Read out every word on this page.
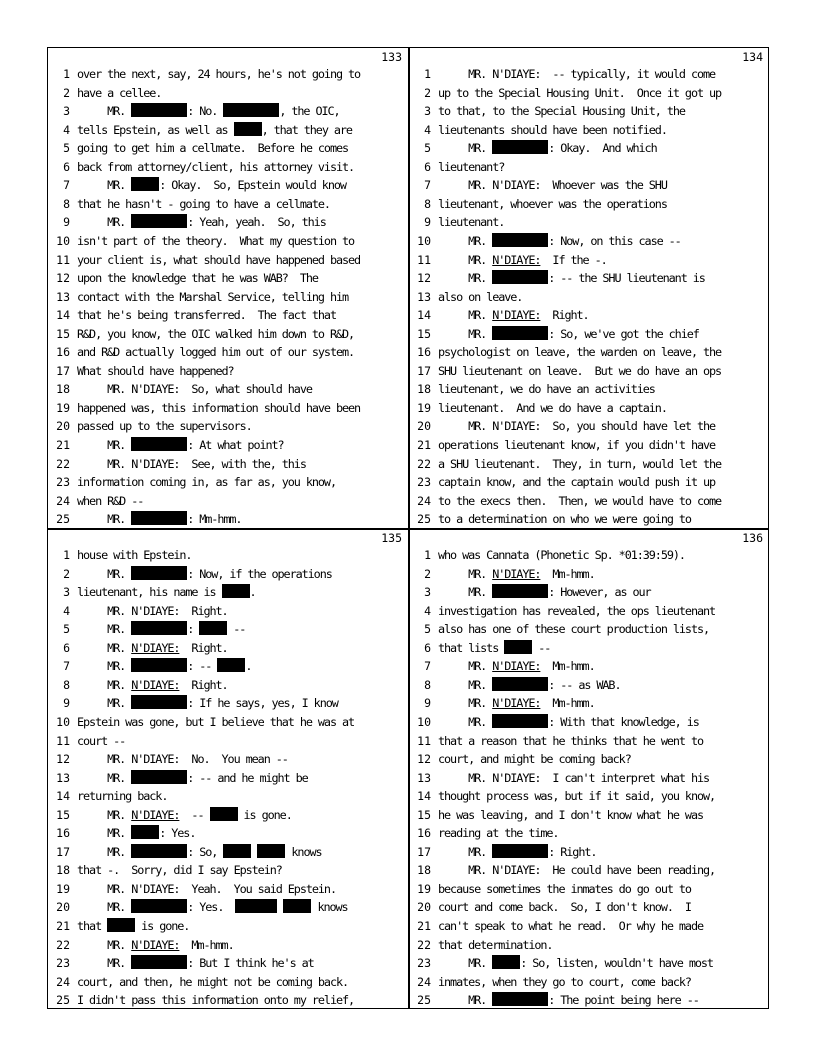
133
1 over the next, say, 24 hours, he's not going to
2 have a cellee.
3 MR.	: No.	, the OIC,
4 tells Epstein, as well as , that they are
5 going to get him a cellmate.  Before he comes
6 back from attorney/client, his attorney visit.
7 MR. : Okay.  So, Epstein would know
8 that he hasn't - going to have a cellmate.
9 MR.	: Yeah, yeah.  So, this
10 isn't part of the theory.  What my question to
11 your client is, what should have happened based
12 upon the knowledge that he was WAB?  The
13 contact with the Marshal Service, telling him
14 that he's being transferred.  The fact that
15 R&D, you know, the OIC walked him down to R&D,
16 and R&D actually logged him out of our system.
17 What should have happened?
18 MR. N'DIAYE:  So, what should have
19 happened was, this information should have been
20 passed up to the supervisors.
21 MR.	: At what point?
22 MR. N'DIAYE:  See, with the, this
23 information coming in, as far as, you know,
24 when R&D --
25 MR.	: Mm-hmm.
134
1 MR. N'DIAYE:  -- typically, it would come
2 up to the Special Housing Unit.  Once it got up
3 to that, to the Special Housing Unit, the
4 lieutenants should have been notified.
5 MR.	: Okay.  And which
6 lieutenant?
7 MR. N'DIAYE:  Whoever was the SHU
8 lieutenant, whoever was the operations
9 lieutenant.
10 MR.	: Now, on this case --
11 MR. N'DIAYE:  If the -.
12 MR.	: -- the SHU lieutenant is
13 also on leave.
14 MR. N'DIAYE:  Right.
15 MR.	: So, we've got the chief
16 psychologist on leave, the warden on leave, the
17 SHU lieutenant on leave.  But we do have an ops
18 lieutenant, we do have an activities
19 lieutenant.  And we do have a captain.
20 MR. N'DIAYE:  So, you should have let the
21 operations lieutenant know, if you didn't have
22 a SHU lieutenant.  They, in turn, would let the
23 captain know, and the captain would push it up
24 to the execs then.  Then, we would have to come
25 to a determination on who we were going to
135
1 house with Epstein.
2 MR.	: Now, if the operations
3 lieutenant, his name is .
4 MR. N'DIAYE:  Right.
5 MR.	:  --
6 MR. N'DIAYE:  Right.
7 MR.	: -- .
8 MR. N'DIAYE:  Right.
9 MR.	: If he says, yes, I know
10 Epstein was gone, but I believe that he was at
11 court --
12 MR. N'DIAYE:  No.  You mean --
13 MR.	: -- and he might be
14 returning back.
15 MR. N'DIAYE:  --  is gone.
16 MR. : Yes.
17 MR.	: So,	knows
18 that -.  Sorry, did I say Epstein?
19 MR. N'DIAYE:  Yeah.  You said Epstein.
20 MR.	: Yes.	knows
21 that  is gone.
22 MR. N'DIAYE:  Mm-hmm.
23 MR.	: But I think he's at
24 court, and then, he might not be coming back.
25 I didn't pass this information onto my relief,
136
1 who was Cannata (Phonetic Sp. *01:39:59).
2 MR. N'DIAYE:  Mm-hmm.
3 MR.	: However, as our
4 investigation has revealed, the ops lieutenant
5 also has one of these court production lists,
6 that lists  --
7 MR. N'DIAYE:  Mm-hmm.
8 MR.	: -- as WAB.
9 MR. N'DIAYE:  Mm-hmm.
10 MR.	: With that knowledge, is
11 that a reason that he thinks that he went to
12 court, and might be coming back?
13 MR. N'DIAYE:  I can't interpret what his
14 thought process was, but if it said, you know,
15 he was leaving, and I don't know what he was
16 reading at the time.
17 MR.	: Right.
18 MR. N'DIAYE:  He could have been reading,
19 because sometimes the inmates do go out to
20 court and come back.  So, I don't know.  I
21 can't speak to what he read.  Or why he made
22 that determination.
23 MR. : So, listen, wouldn't have most
24 inmates, when they go to court, come back?
25 MR.	: The point being here --
